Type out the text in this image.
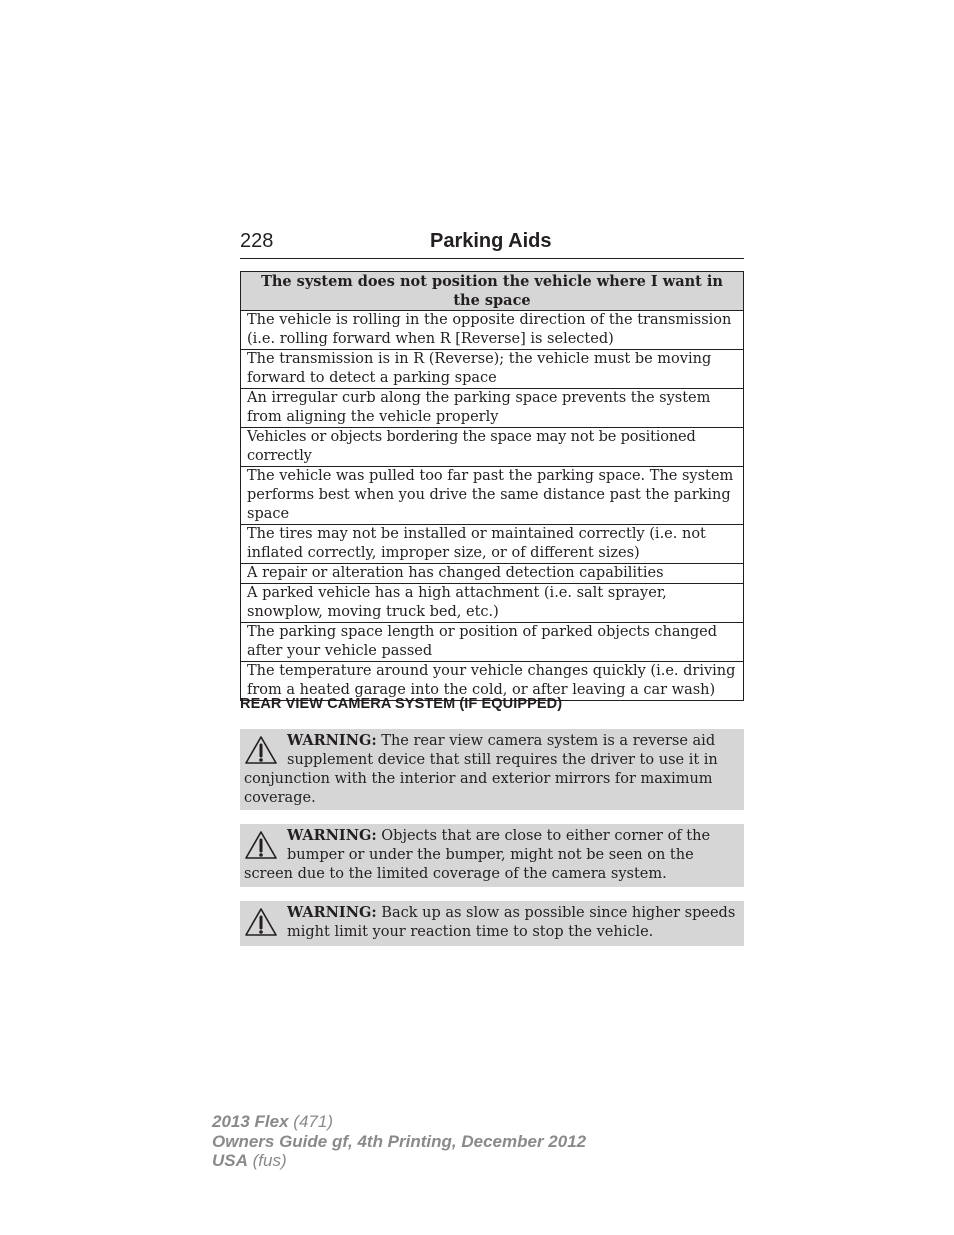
228	Parking Aids
The system does not position the vehicle where I want in the space
The vehicle is rolling in the opposite direction of the transmission (i.e. rolling forward when R [Reverse] is selected)
The transmission is in R (Reverse); the vehicle must be moving forward to detect a parking space
An irregular curb along the parking space prevents the system from aligning the vehicle properly
Vehicles or objects bordering the space may not be positioned correctly
The vehicle was pulled too far past the parking space. The system performs best when you drive the same distance past the parking space
The tires may not be installed or maintained correctly (i.e. not inflated correctly, improper size, or of different sizes)
A repair or alteration has changed detection capabilities
A parked vehicle has a high attachment (i.e. salt sprayer, snowplow, moving truck bed, etc.)
The parking space length or position of parked objects changed after your vehicle passed
The temperature around your vehicle changes quickly (i.e. driving from a heated garage into the cold, or after leaving a car wash)
REAR VIEW CAMERA SYSTEM (IF EQUIPPED)
WARNING: The rear view camera system is a reverse aid supplement device that still requires the driver to use it in conjunction with the interior and exterior mirrors for maximum coverage.
WARNING: Objects that are close to either corner of the bumper or under the bumper, might not be seen on the screen due to the limited coverage of the camera system.
WARNING: Back up as slow as possible since higher speeds might limit your reaction time to stop the vehicle.
2013 Flex (471)
Owners Guide gf, 4th Printing, December 2012
USA (fus)
